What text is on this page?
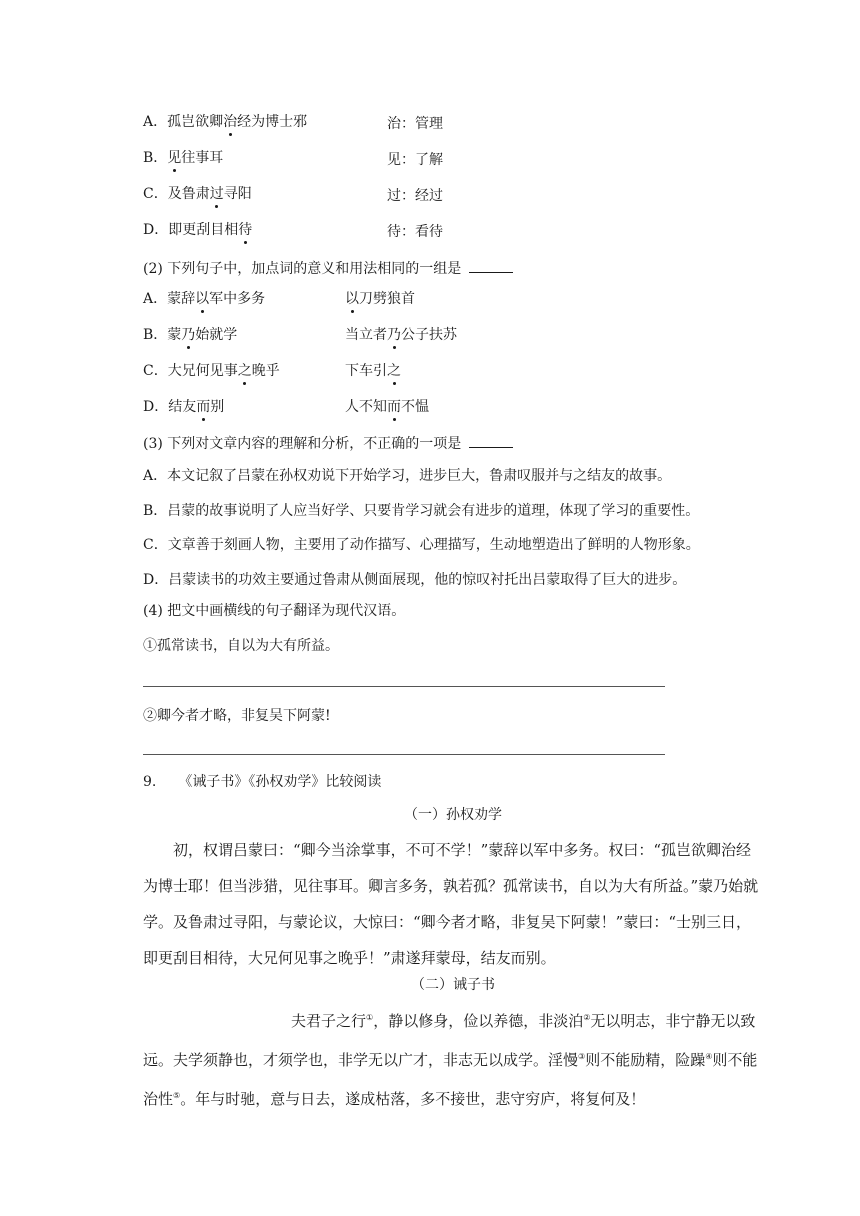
A．孤岂欲卿治经为博士邪	治：管理
B．见往事耳	见：了解
C．及鲁肃过寻阳	过：经过
D．即更刮目相待	待：看待
(2) 下列句子中，加点词的意义和用法相同的一组是
A．蒙辞以军中多务	以刀劈狼首
B．蒙乃始就学	当立者乃公子扶苏
C．大兄何见事之晚乎	下车引之
D．结友而别	人不知而不愠
(3) 下列对文章内容的理解和分析，不正确的一项是
A．本文记叙了吕蒙在孙权劝说下开始学习，进步巨大，鲁肃叹服并与之结友的故事。
B．吕蒙的故事说明了人应当好学、只要肯学习就会有进步的道理，体现了学习的重要性。
C．文章善于刻画人物，主要用了动作描写、心理描写，生动地塑造出了鲜明的人物形象。
D．吕蒙读书的功效主要通过鲁肃从侧面展现，他的惊叹衬托出吕蒙取得了巨大的进步。
(4) 把文中画横线的句子翻译为现代汉语。
①孤常读书，自以为大有所益。
②卿今者才略，非复吴下阿蒙!
9. 《诫子书》《孙权劝学》比较阅读
（一）孙权劝学
初，权谓吕蒙曰：“卿今当涂掌事，不可不学！”蒙辞以军中多务。权曰：“孤岂欲卿治经为博士耶！但当涉猎，见往事耳。卿言多务，孰若孤？孤常读书，自以为大有所益。”蒙乃始就学。及鲁肃过寻阳，与蒙论议，大惊曰：“卿今者才略，非复吴下阿蒙！”蒙曰：“士别三日，即更刮目相待，大兄何见事之晚乎！”肃遂拜蒙母，结友而别。
（二）诫子书
夫君子之行①，静以修身，俭以养德，非淡泊②无以明志，非宁静无以致远。夫学须静也，才须学也，非学无以广才，非志无以成学。淫慢③则不能励精，险躁④则不能治性⑤。年与时驰，意与日去，遂成枯落，多不接世，悲守穷庐，将复何及！
